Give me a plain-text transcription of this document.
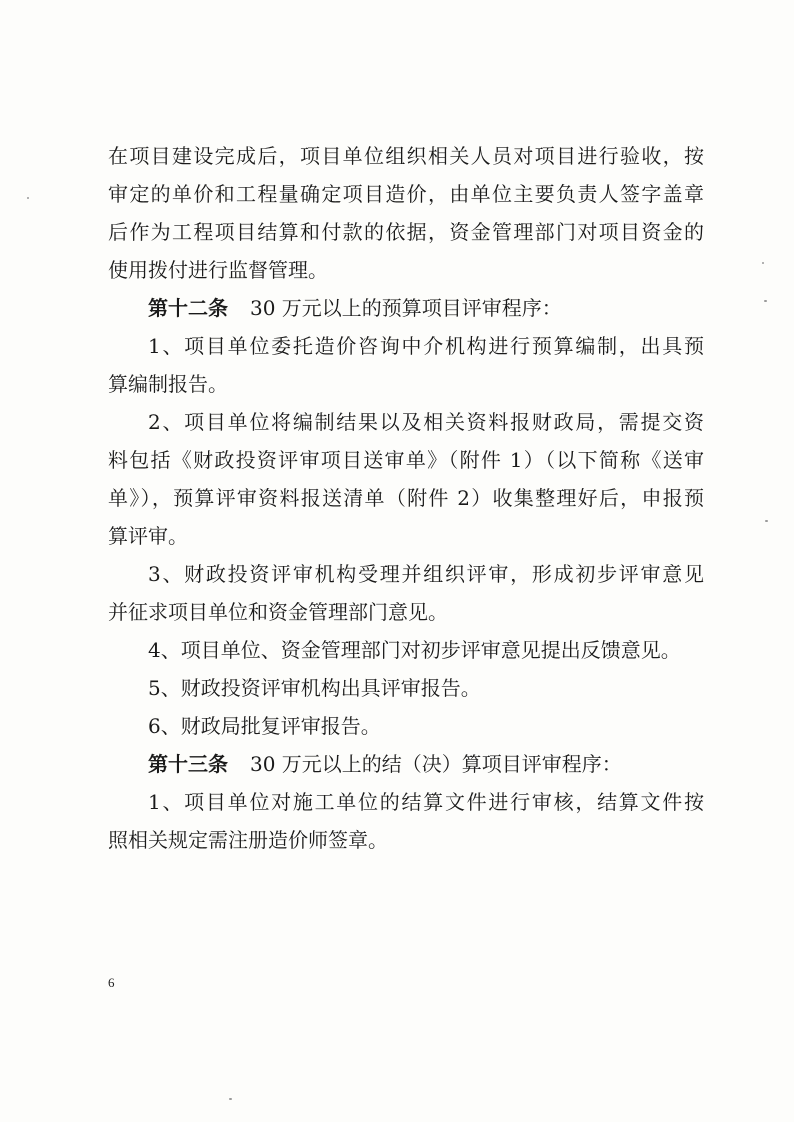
在项目建设完成后，项目单位组织相关人员对项目进行验收，按
审定的单价和工程量确定项目造价，由单位主要负责人签字盖章
后作为工程项目结算和付款的依据，资金管理部门对项目资金的
使用拨付进行监督管理。
第十二条 30 万元以上的预算项目评审程序：
1、项目单位委托造价咨询中介机构进行预算编制，出具预
算编制报告。
2、项目单位将编制结果以及相关资料报财政局，需提交资
料包括《财政投资评审项目送审单》（附件 1）（以下简称《送审
单》），预算评审资料报送清单（附件 2）收集整理好后，申报预
算评审。
3、财政投资评审机构受理并组织评审，形成初步评审意见
并征求项目单位和资金管理部门意见。
4、项目单位、资金管理部门对初步评审意见提出反馈意见。
5、财政投资评审机构出具评审报告。
6、财政局批复评审报告。
第十三条 30 万元以上的结（决）算项目评审程序：
1、项目单位对施工单位的结算文件进行审核，结算文件按
照相关规定需注册造价师签章。
6
